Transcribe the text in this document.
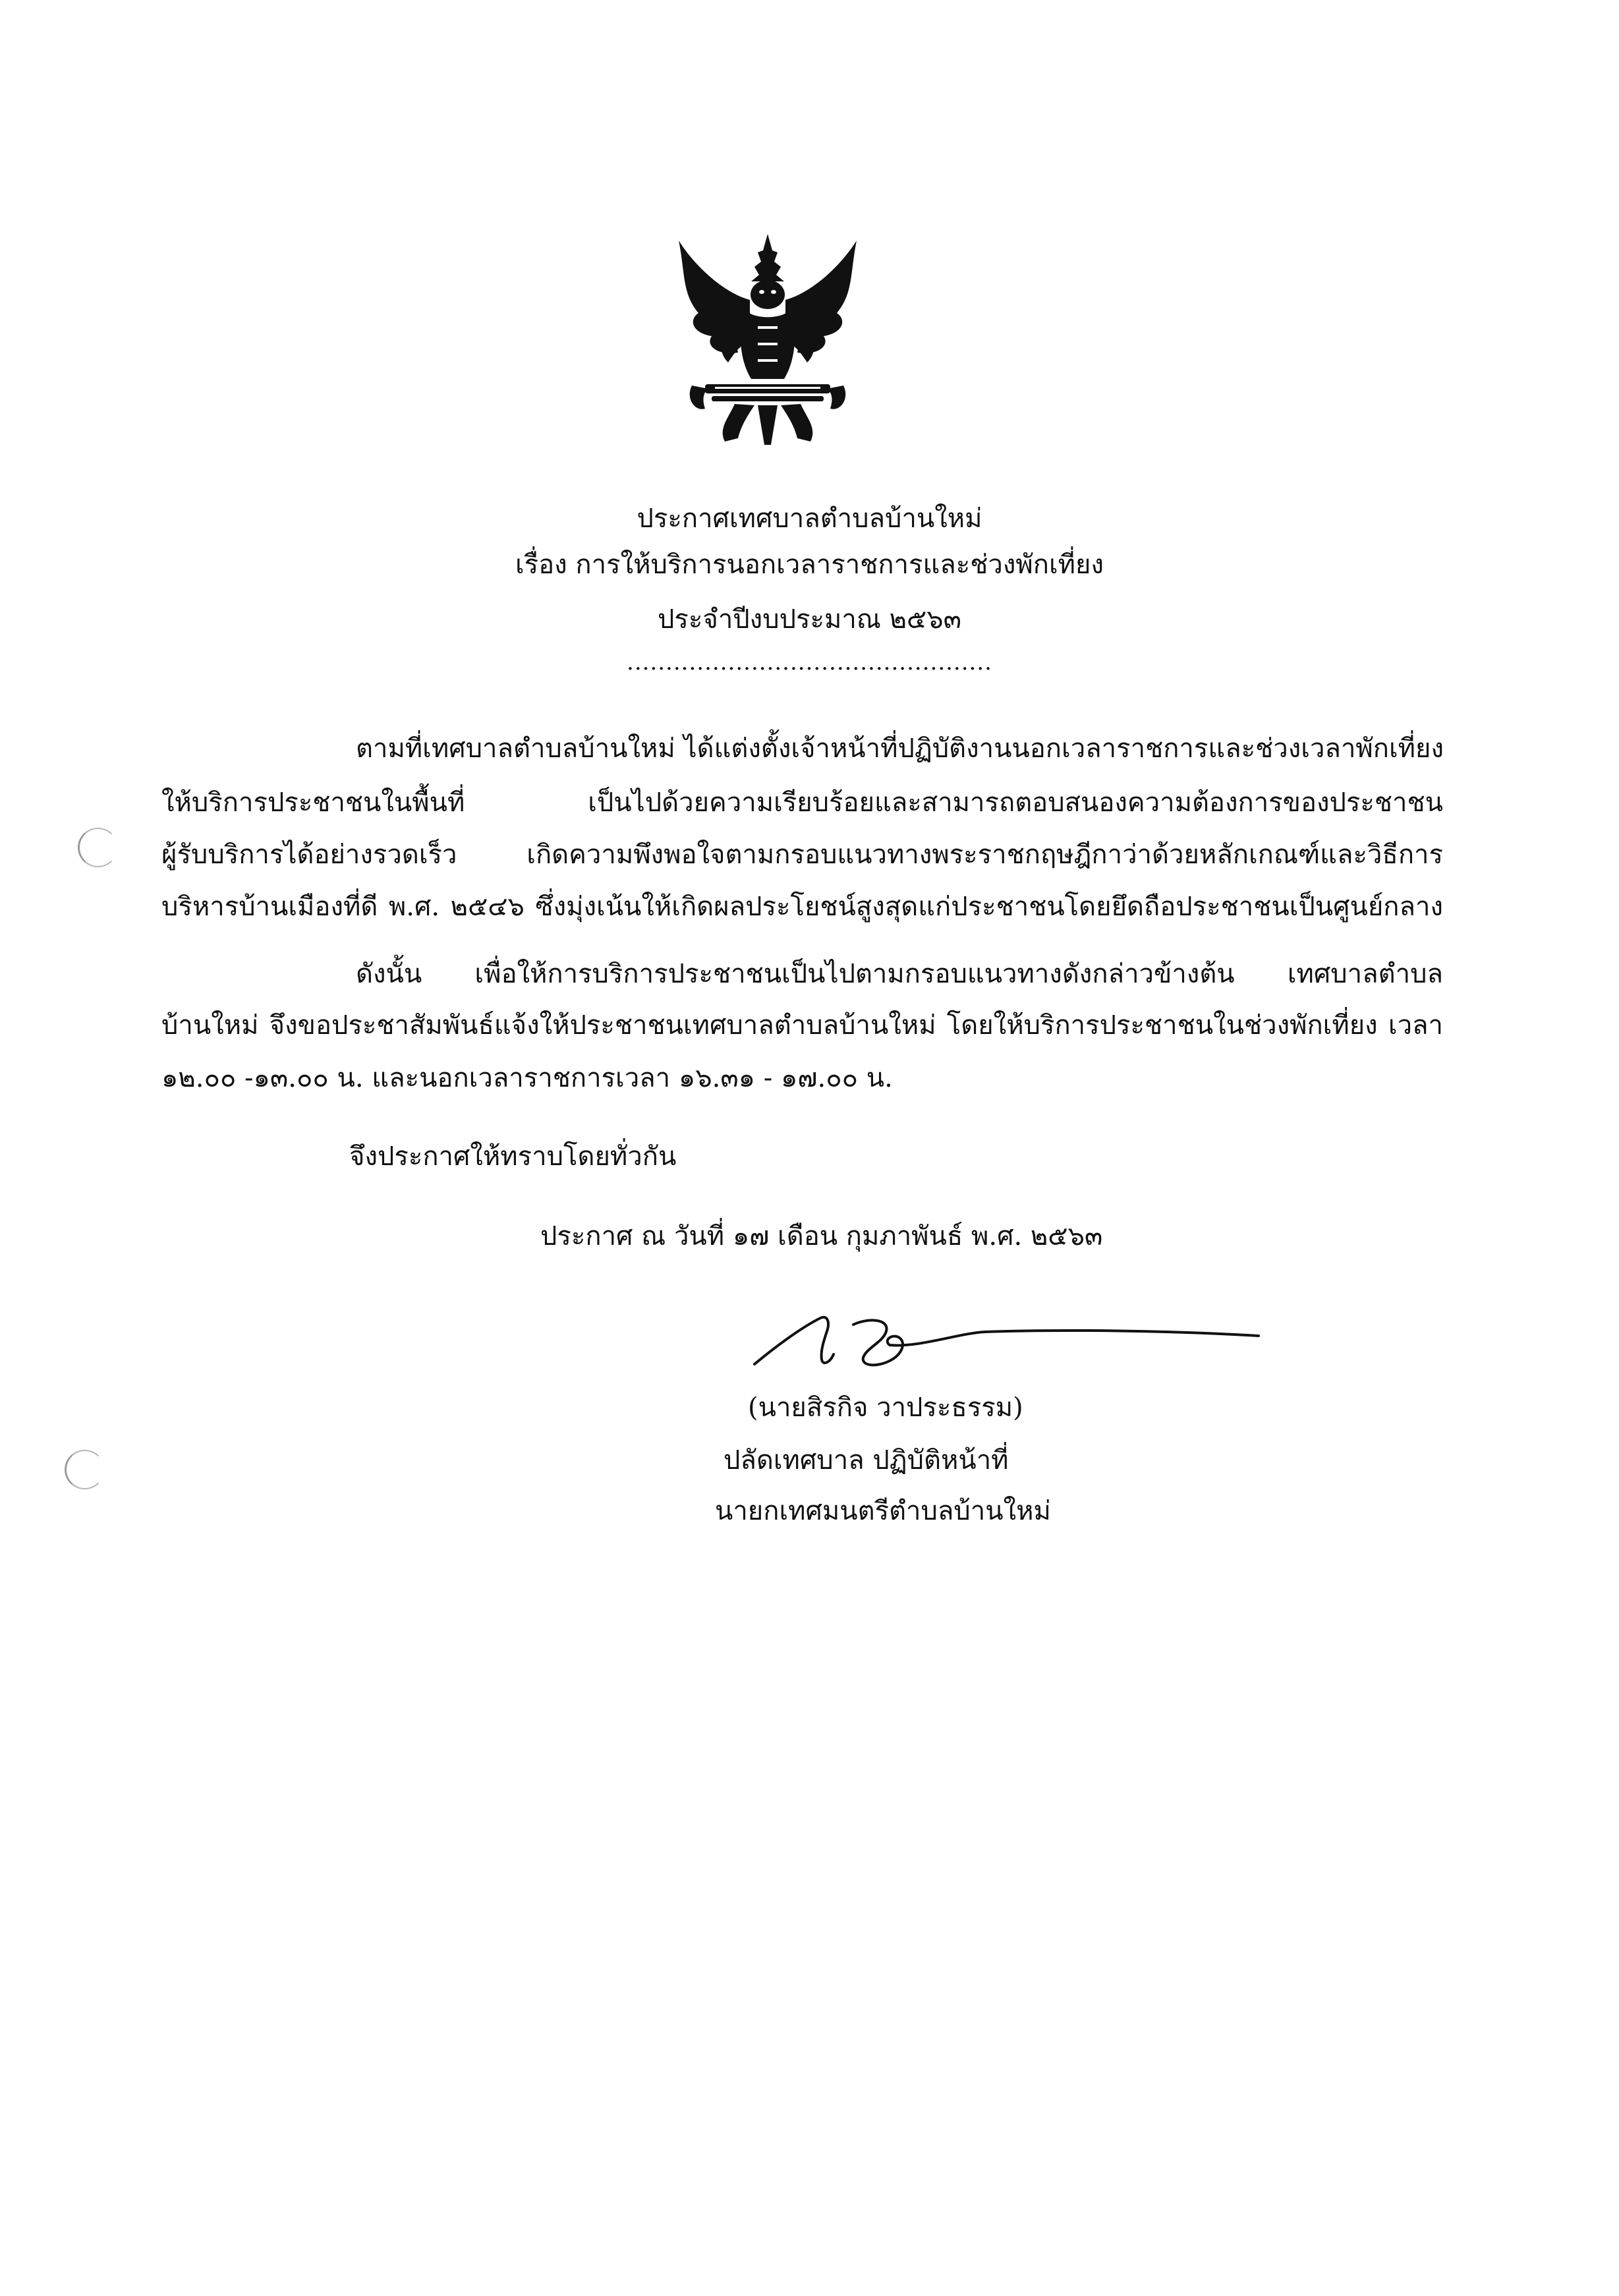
ประกาศเทศบาลตำบลบ้านใหม่
เรื่อง การให้บริการนอกเวลาราชการและช่วงพักเที่ยง
ประจำปีงบประมาณ ๒๕๖๓
...............................................
ตามที่เทศบาลตำบลบ้านใหม่ ได้แต่งตั้งเจ้าหน้าที่ปฏิบัติงานนอกเวลาราชการและช่วงเวลาพักเที่ยง
ให้บริการประชาชนในพื้นที่ เป็นไปด้วยความเรียบร้อยและสามารถตอบสนองความต้องการของประชาชน
ผู้รับบริการได้อย่างรวดเร็ว เกิดความพึงพอใจตามกรอบแนวทางพระราชกฤษฎีกาว่าด้วยหลักเกณฑ์และวิธีการ
บริหารบ้านเมืองที่ดี พ.ศ. ๒๕๔๖ ซึ่งมุ่งเน้นให้เกิดผลประโยชน์สูงสุดแก่ประชาชนโดยยึดถือประชาชนเป็นศูนย์กลาง
ดังนั้น เพื่อให้การบริการประชาชนเป็นไปตามกรอบแนวทางดังกล่าวข้างต้น เทศบาลตำบล
บ้านใหม่ จึงขอประชาสัมพันธ์แจ้งให้ประชาชนเทศบาลตำบลบ้านใหม่ โดยให้บริการประชาชนในช่วงพักเที่ยง เวลา
๑๒.๐๐ -๑๓.๐๐ น. และนอกเวลาราชการเวลา ๑๖.๓๑ - ๑๗.๐๐ น.
จึงประกาศให้ทราบโดยทั่วกัน
ประกาศ ณ วันที่ ๑๗ เดือน กุมภาพันธ์ พ.ศ. ๒๕๖๓
(นายสิรกิจ วาประธรรม)
ปลัดเทศบาล ปฏิบัติหน้าที่
นายกเทศมนตรีตำบลบ้านใหม่
